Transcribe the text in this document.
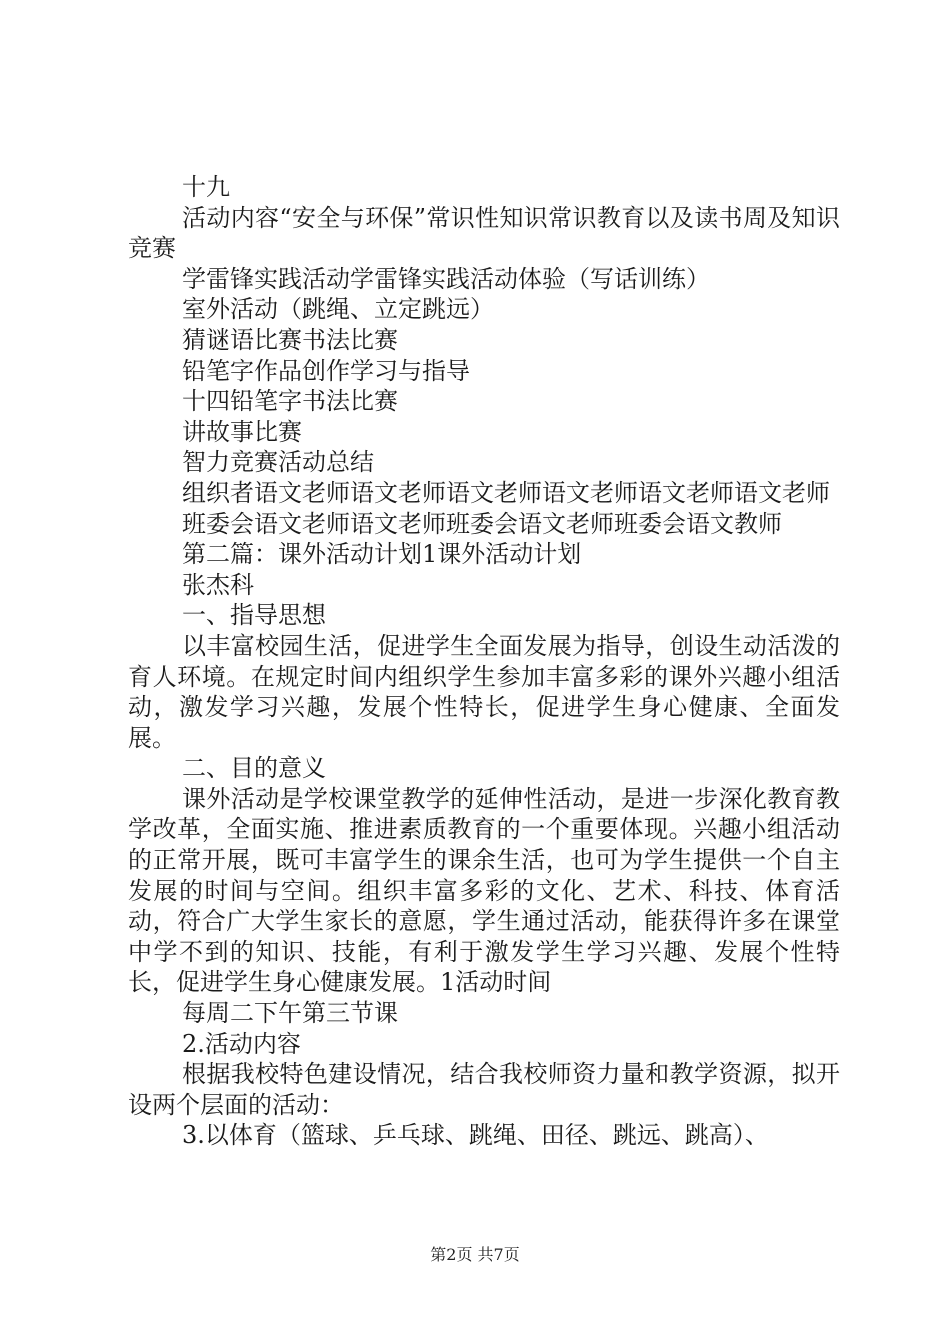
十九

活动内容“安全与环保”常识性知识常识教育以及读书周及知识竞赛

学雷锋实践活动学雷锋实践活动体验（写话训练）

室外活动（跳绳、立定跳远）

猜谜语比赛书法比赛

铅笔字作品创作学习与指导

十四铅笔字书法比赛

讲故事比赛

智力竞赛活动总结

组织者语文老师语文老师语文老师语文老师语文老师语文老师

班委会语文老师语文老师班委会语文老师班委会语文教师

第二篇：课外活动计划1课外活动计划

张杰科

一、指导思想

以丰富校园生活，促进学生全面发展为指导，创设生动活泼的育人环境。在规定时间内组织学生参加丰富多彩的课外兴趣小组活动，激发学习兴趣，发展个性特长，促进学生身心健康、全面发展。

二、目的意义

课外活动是学校课堂教学的延伸性活动，是进一步深化教育教学改革，全面实施、推进素质教育的一个重要体现。兴趣小组活动的正常开展，既可丰富学生的课余生活，也可为学生提供一个自主发展的时间与空间。组织丰富多彩的文化、艺术、科技、体育活动，符合广大学生家长的意愿，学生通过活动，能获得许多在课堂中学不到的知识、技能，有利于激发学生学习兴趣、发展个性特长，促进学生身心健康发展。1活动时间

每周二下午第三节课

2.活动内容

根据我校特色建设情况，结合我校师资力量和教学资源，拟开设两个层面的活动：

3.以体育（篮球、乒乓球、跳绳、田径、跳远、跳高）、

第2页 共7页
